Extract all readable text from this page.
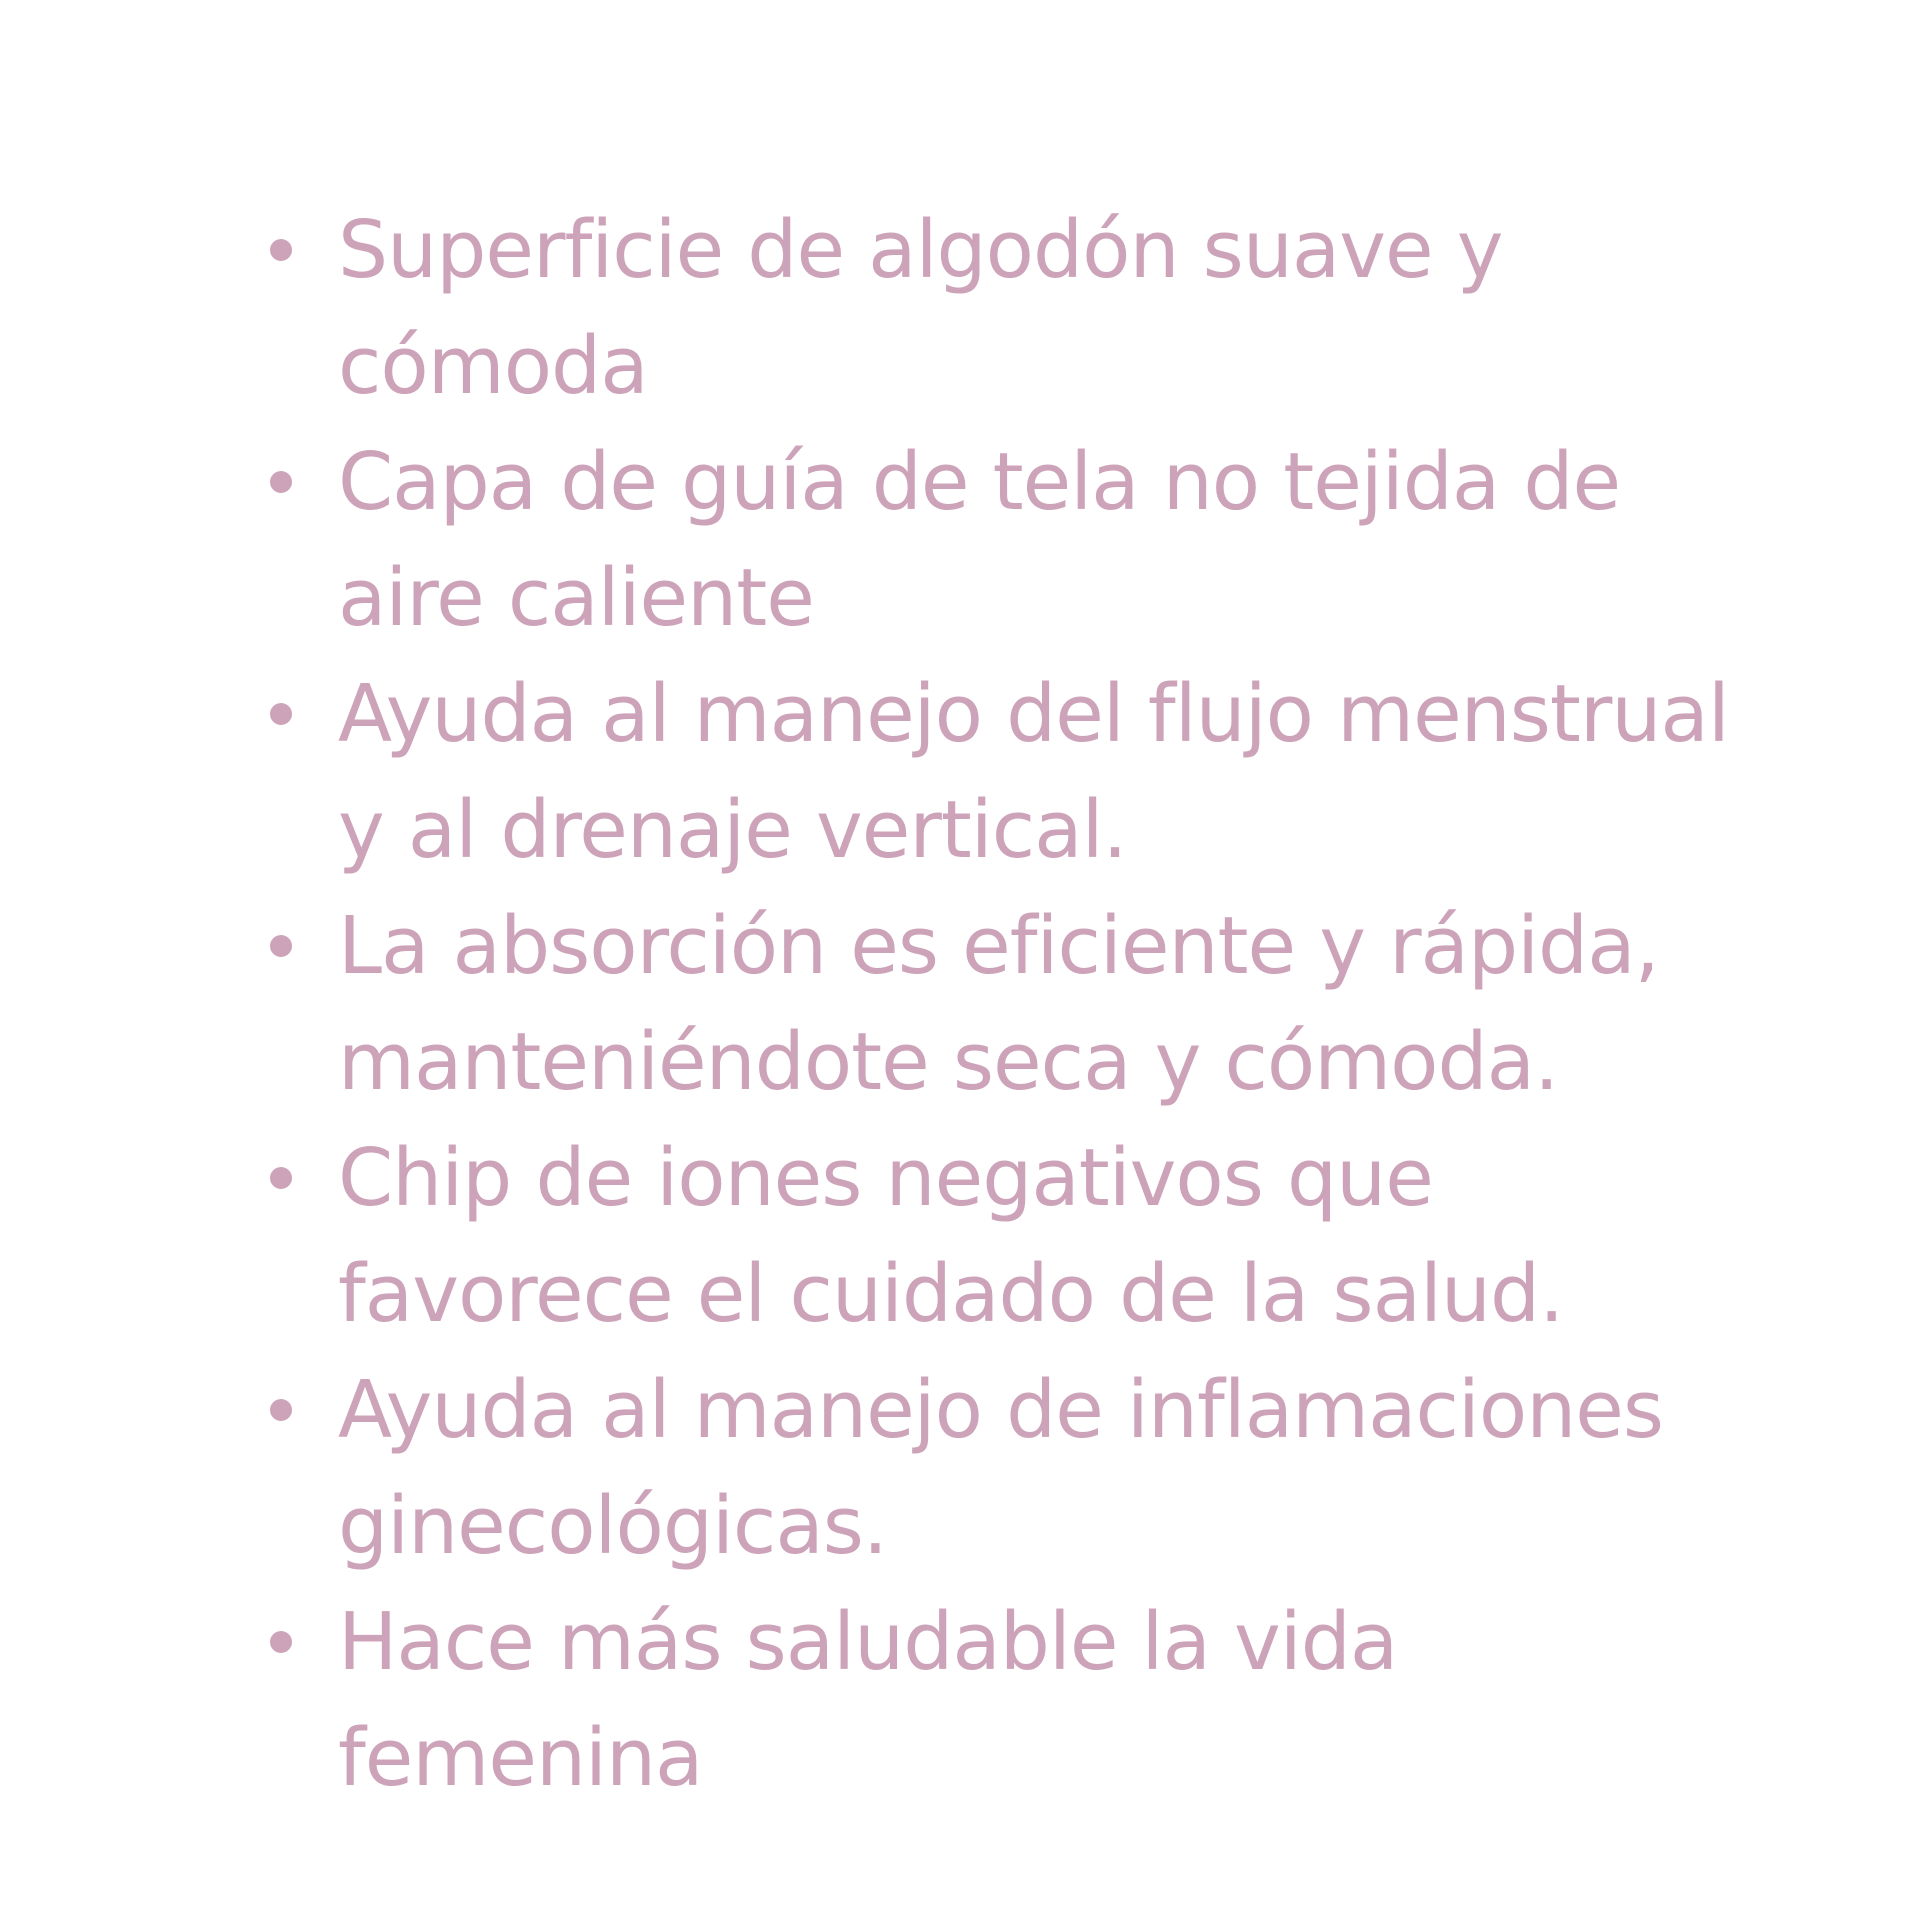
Superficie de algodón suave y cómoda
Capa de guía de tela no tejida de aire caliente
Ayuda al manejo del flujo menstrual y al drenaje vertical.
La absorción es eficiente y rápida, manteniéndote seca y cómoda.
Chip de iones negativos que favorece el cuidado de la salud.
Ayuda al manejo de inflamaciones ginecológicas.
Hace más saludable la vida femenina
